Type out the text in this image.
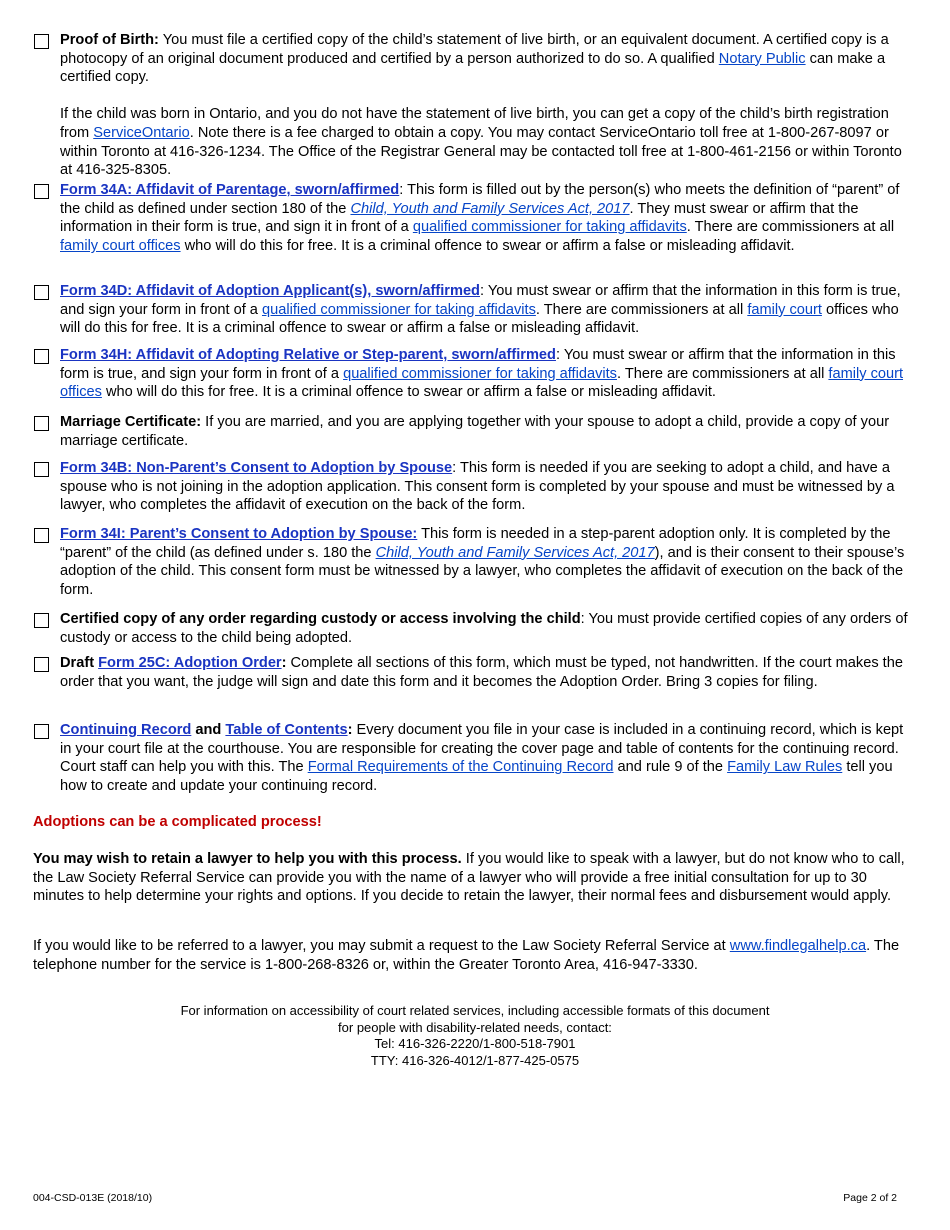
Proof of Birth: You must file a certified copy of the child’s statement of live birth, or an equivalent document. A certified copy is a photocopy of an original document produced and certified by a person authorized to do so. A qualified Notary Public can make a certified copy.

If the child was born in Ontario, and you do not have the statement of live birth, you can get a copy of the child’s birth registration from ServiceOntario. Note there is a fee charged to obtain a copy. You may contact ServiceOntario toll free at 1-800-267-8097 or within Toronto at 416-326-1234. The Office of the Registrar General may be contacted toll free at 1-800-461-2156 or within Toronto at 416-325-8305.

Form 34A: Affidavit of Parentage, sworn/affirmed: This form is filled out by the person(s) who meets the definition of “parent” of the child as defined under section 180 of the Child, Youth and Family Services Act, 2017. They must swear or affirm that the information in their form is true, and sign it in front of a qualified commissioner for taking affidavits. There are commissioners at all family court offices who will do this for free. It is a criminal offence to swear or affirm a false or misleading affidavit.

Form 34D: Affidavit of Adoption Applicant(s), sworn/affirmed: You must swear or affirm that the information in this form is true, and sign your form in front of a qualified commissioner for taking affidavits. There are commissioners at all family court offices who will do this for free. It is a criminal offence to swear or affirm a false or misleading affidavit.

Form 34H: Affidavit of Adopting Relative or Step-parent, sworn/affirmed: You must swear or affirm that the information in this form is true, and sign your form in front of a qualified commissioner for taking affidavits. There are commissioners at all family court offices who will do this for free. It is a criminal offence to swear or affirm a false or misleading affidavit.

Marriage Certificate: If you are married, and you are applying together with your spouse to adopt a child, provide a copy of your marriage certificate.

Form 34B: Non-Parent’s Consent to Adoption by Spouse: This form is needed if you are seeking to adopt a child, and have a spouse who is not joining in the adoption application. This consent form is completed by your spouse and must be witnessed by a lawyer, who completes the affidavit of execution on the back of the form.

Form 34I: Parent’s Consent to Adoption by Spouse: This form is needed in a step-parent adoption only. It is completed by the “parent” of the child (as defined under s. 180 the Child, Youth and Family Services Act, 2017), and is their consent to their spouse’s adoption of the child. This consent form must be witnessed by a lawyer, who completes the affidavit of execution on the back of the form.

Certified copy of any order regarding custody or access involving the child: You must provide certified copies of any orders of custody or access to the child being adopted.

Draft Form 25C: Adoption Order: Complete all sections of this form, which must be typed, not handwritten. If the court makes the order that you want, the judge will sign and date this form and it becomes the Adoption Order. Bring 3 copies for filing.

Continuing Record and Table of Contents: Every document you file in your case is included in a continuing record, which is kept in your court file at the courthouse. You are responsible for creating the cover page and table of contents for the continuing record. Court staff can help you with this. The Formal Requirements of the Continuing Record and rule 9 of the Family Law Rules tell you how to create and update your continuing record.

Adoptions can be a complicated process!

You may wish to retain a lawyer to help you with this process. If you would like to speak with a lawyer, but do not know who to call, the Law Society Referral Service can provide you with the name of a lawyer who will provide a free initial consultation for up to 30 minutes to help determine your rights and options. If you decide to retain the lawyer, their normal fees and disbursement would apply.

If you would like to be referred to a lawyer, you may submit a request to the Law Society Referral Service at www.findlegalhelp.ca. The telephone number for the service is 1-800-268-8326 or, within the Greater Toronto Area, 416-947-3330.

For information on accessibility of court related services, including accessible formats of this document
for people with disability-related needs, contact:
Tel: 416-326-2220/1-800-518-7901
TTY: 416-326-4012/1-877-425-0575
004-CSD-013E (2018/10)	Page 2 of 2
